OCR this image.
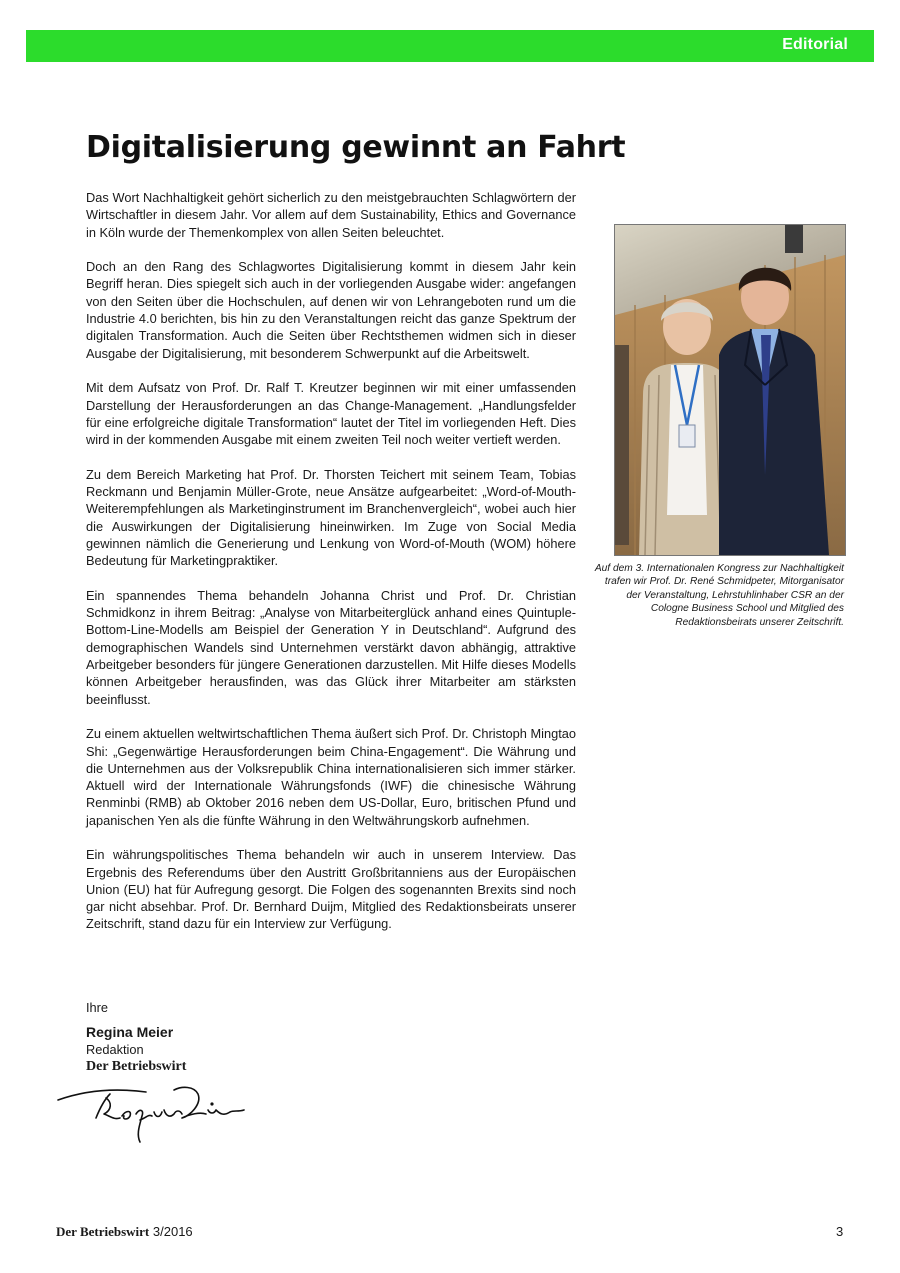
Editorial
Digitalisierung gewinnt an Fahrt

Das Wort Nachhaltigkeit gehört sicherlich zu den meistgebrauchten Schlagwörtern der Wirtschaftler in diesem Jahr. Vor allem auf dem Sustainability, Ethics and Governance in Köln wurde der Themenkomplex von allen Seiten beleuchtet.

Doch an den Rang des Schlagwortes Digitalisierung kommt in diesem Jahr kein Begriff heran. Dies spiegelt sich auch in der vorliegenden Ausgabe wider: angefangen von den Seiten über die Hochschulen, auf denen wir von Lehrangeboten rund um die Industrie 4.0 berichten, bis hin zu den Veranstaltungen reicht das ganze Spektrum der digitalen Transformation. Auch die Seiten über Rechtsthemen widmen sich in dieser Ausgabe der Digitalisierung, mit besonderem Schwerpunkt auf die Arbeitswelt.

Mit dem Aufsatz von Prof. Dr. Ralf T. Kreutzer beginnen wir mit einer umfassenden Darstellung der Herausforderungen an das Change-Management. „Handlungsfelder für eine erfolgreiche digitale Transformation“ lautet der Titel im vorliegenden Heft. Dies wird in der kommenden Ausgabe mit einem zweiten Teil noch weiter vertieft werden.

Zu dem Bereich Marketing hat Prof. Dr. Thorsten Teichert mit seinem Team, Tobias Reckmann und Benjamin Müller-Grote, neue Ansätze aufgearbeitet: „Word-of-Mouth-Weiterempfehlungen als Marketinginstrument im Branchenvergleich“, wobei auch hier die Auswirkungen der Digitalisierung hineinwirken. Im Zuge von Social Media gewinnen nämlich die Generierung und Lenkung von Word-of-Mouth (WOM) höhere Bedeutung für Marketingpraktiker.

Ein spannendes Thema behandeln Johanna Christ und Prof. Dr. Christian Schmidkonz in ihrem Beitrag: „Analyse von Mitarbeiterglück anhand eines Quintuple-Bottom-Line-Modells am Beispiel der Generation Y in Deutschland“. Aufgrund des demographischen Wandels sind Unternehmen verstärkt davon abhängig, attraktive Arbeitgeber besonders für jüngere Generationen darzustellen. Mit Hilfe dieses Modells können Arbeitgeber herausfinden, was das Glück ihrer Mitarbeiter am stärksten beeinflusst.

Zu einem aktuellen weltwirtschaftlichen Thema äußert sich Prof. Dr. Christoph Mingtao Shi: „Gegenwärtige Herausforderungen beim China-Engagement“. Die Währung und die Unternehmen aus der Volksrepublik China internationalisieren sich immer stärker. Aktuell wird der Internationale Währungsfonds (IWF) die chinesische Währung Renminbi (RMB) ab Oktober 2016 neben dem US-Dollar, Euro, britischen Pfund und japanischen Yen als die fünfte Währung in den Weltwährungskorb aufnehmen.

Ein währungspolitisches Thema behandeln wir auch in unserem Interview. Das Ergebnis des Referendums über den Austritt Großbritanniens aus der Europäischen Union (EU) hat für Aufregung gesorgt. Die Folgen des sogenannten Brexits sind noch gar nicht absehbar. Prof. Dr. Bernhard Duijm, Mitglied des Redaktionsbeirats unserer Zeitschrift, stand dazu für ein Interview zur Verfügung.

Ihre

Regina Meier

Redaktion

Der Betriebswirt

Auf dem 3. Internationalen Kongress zur Nachhaltigkeit trafen wir Prof. Dr. René Schmidpeter, Mitorganisator der Veranstaltung, Lehrstuhlinhaber CSR an der Cologne Business School und Mitglied des Redaktionsbeirats unserer Zeitschrift.
Der Betriebswirt 3/2016	3
